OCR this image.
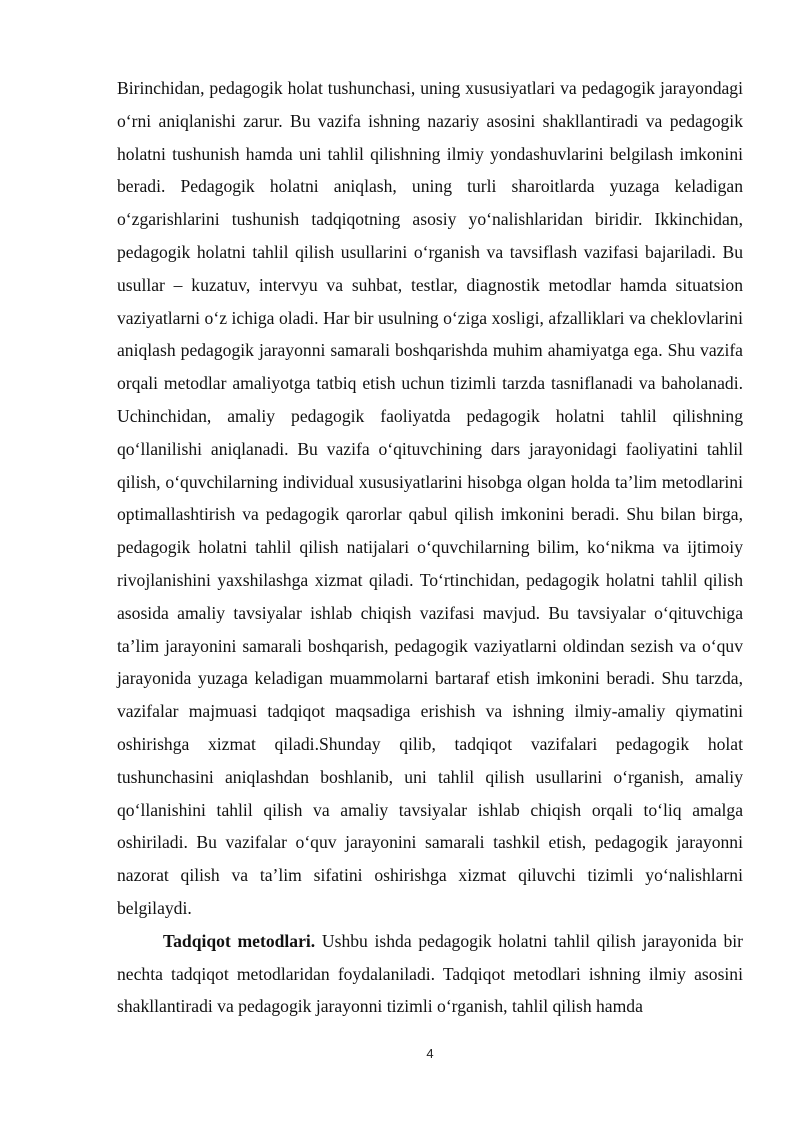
Birinchidan, pedagogik holat tushunchasi, uning xususiyatlari va pedagogik jarayondagi o‘rni aniqlanishi zarur. Bu vazifa ishning nazariy asosini shakllantiradi va pedagogik holatni tushunish hamda uni tahlil qilishning ilmiy yondashuvlarini belgilash imkonini beradi. Pedagogik holatni aniqlash, uning turli sharoitlarda yuzaga keladigan o‘zgarishlarini tushunish tadqiqotning asosiy yo‘nalishlaridan biridir. Ikkinchidan, pedagogik holatni tahlil qilish usullarini o‘rganish va tavsiflash vazifasi bajariladi. Bu usullar – kuzatuv, intervyu va suhbat, testlar, diagnostik metodlar hamda situatsion vaziyatlarni o‘z ichiga oladi. Har bir usulning o‘ziga xosligi, afzalliklari va cheklovlarini aniqlash pedagogik jarayonni samarali boshqarishda muhim ahamiyatga ega. Shu vazifa orqali metodlar amaliyotga tatbiq etish uchun tizimli tarzda tasniflanadi va baholanadi. Uchinchidan, amaliy pedagogik faoliyatda pedagogik holatni tahlil qilishning qo‘llanilishi aniqlanadi. Bu vazifa o‘qituvchining dars jarayonidagi faoliyatini tahlil qilish, o‘quvchilarning individual xususiyatlarini hisobga olgan holda ta’lim metodlarini optimallashtirish va pedagogik qarorlar qabul qilish imkonini beradi. Shu bilan birga, pedagogik holatni tahlil qilish natijalari o‘quvchilarning bilim, ko‘nikma va ijtimoiy rivojlanishini yaxshilashga xizmat qiladi. To‘rtinchidan, pedagogik holatni tahlil qilish asosida amaliy tavsiyalar ishlab chiqish vazifasi mavjud. Bu tavsiyalar o‘qituvchiga ta’lim jarayonini samarali boshqarish, pedagogik vaziyatlarni oldindan sezish va o‘quv jarayonida yuzaga keladigan muammolarni bartaraf etish imkonini beradi. Shu tarzda, vazifalar majmuasi tadqiqot maqsadiga erishish va ishning ilmiy-amaliy qiymatini oshirishga xizmat qiladi.Shunday qilib, tadqiqot vazifalari pedagogik holat tushunchasini aniqlashdan boshlanib, uni tahlil qilish usullarini o‘rganish, amaliy qo‘llanishini tahlil qilish va amaliy tavsiyalar ishlab chiqish orqali to‘liq amalga oshiriladi. Bu vazifalar o‘quv jarayonini samarali tashkil etish, pedagogik jarayonni nazorat qilish va ta’lim sifatini oshirishga xizmat qiluvchi tizimli yo‘nalishlarni belgilaydi.

Tadqiqot metodlari. Ushbu ishda pedagogik holatni tahlil qilish jarayonida bir nechta tadqiqot metodlaridan foydalaniladi. Tadqiqot metodlari ishning ilmiy asosini shakllantiradi va pedagogik jarayonni tizimli o‘rganish, tahlil qilish hamda

4
